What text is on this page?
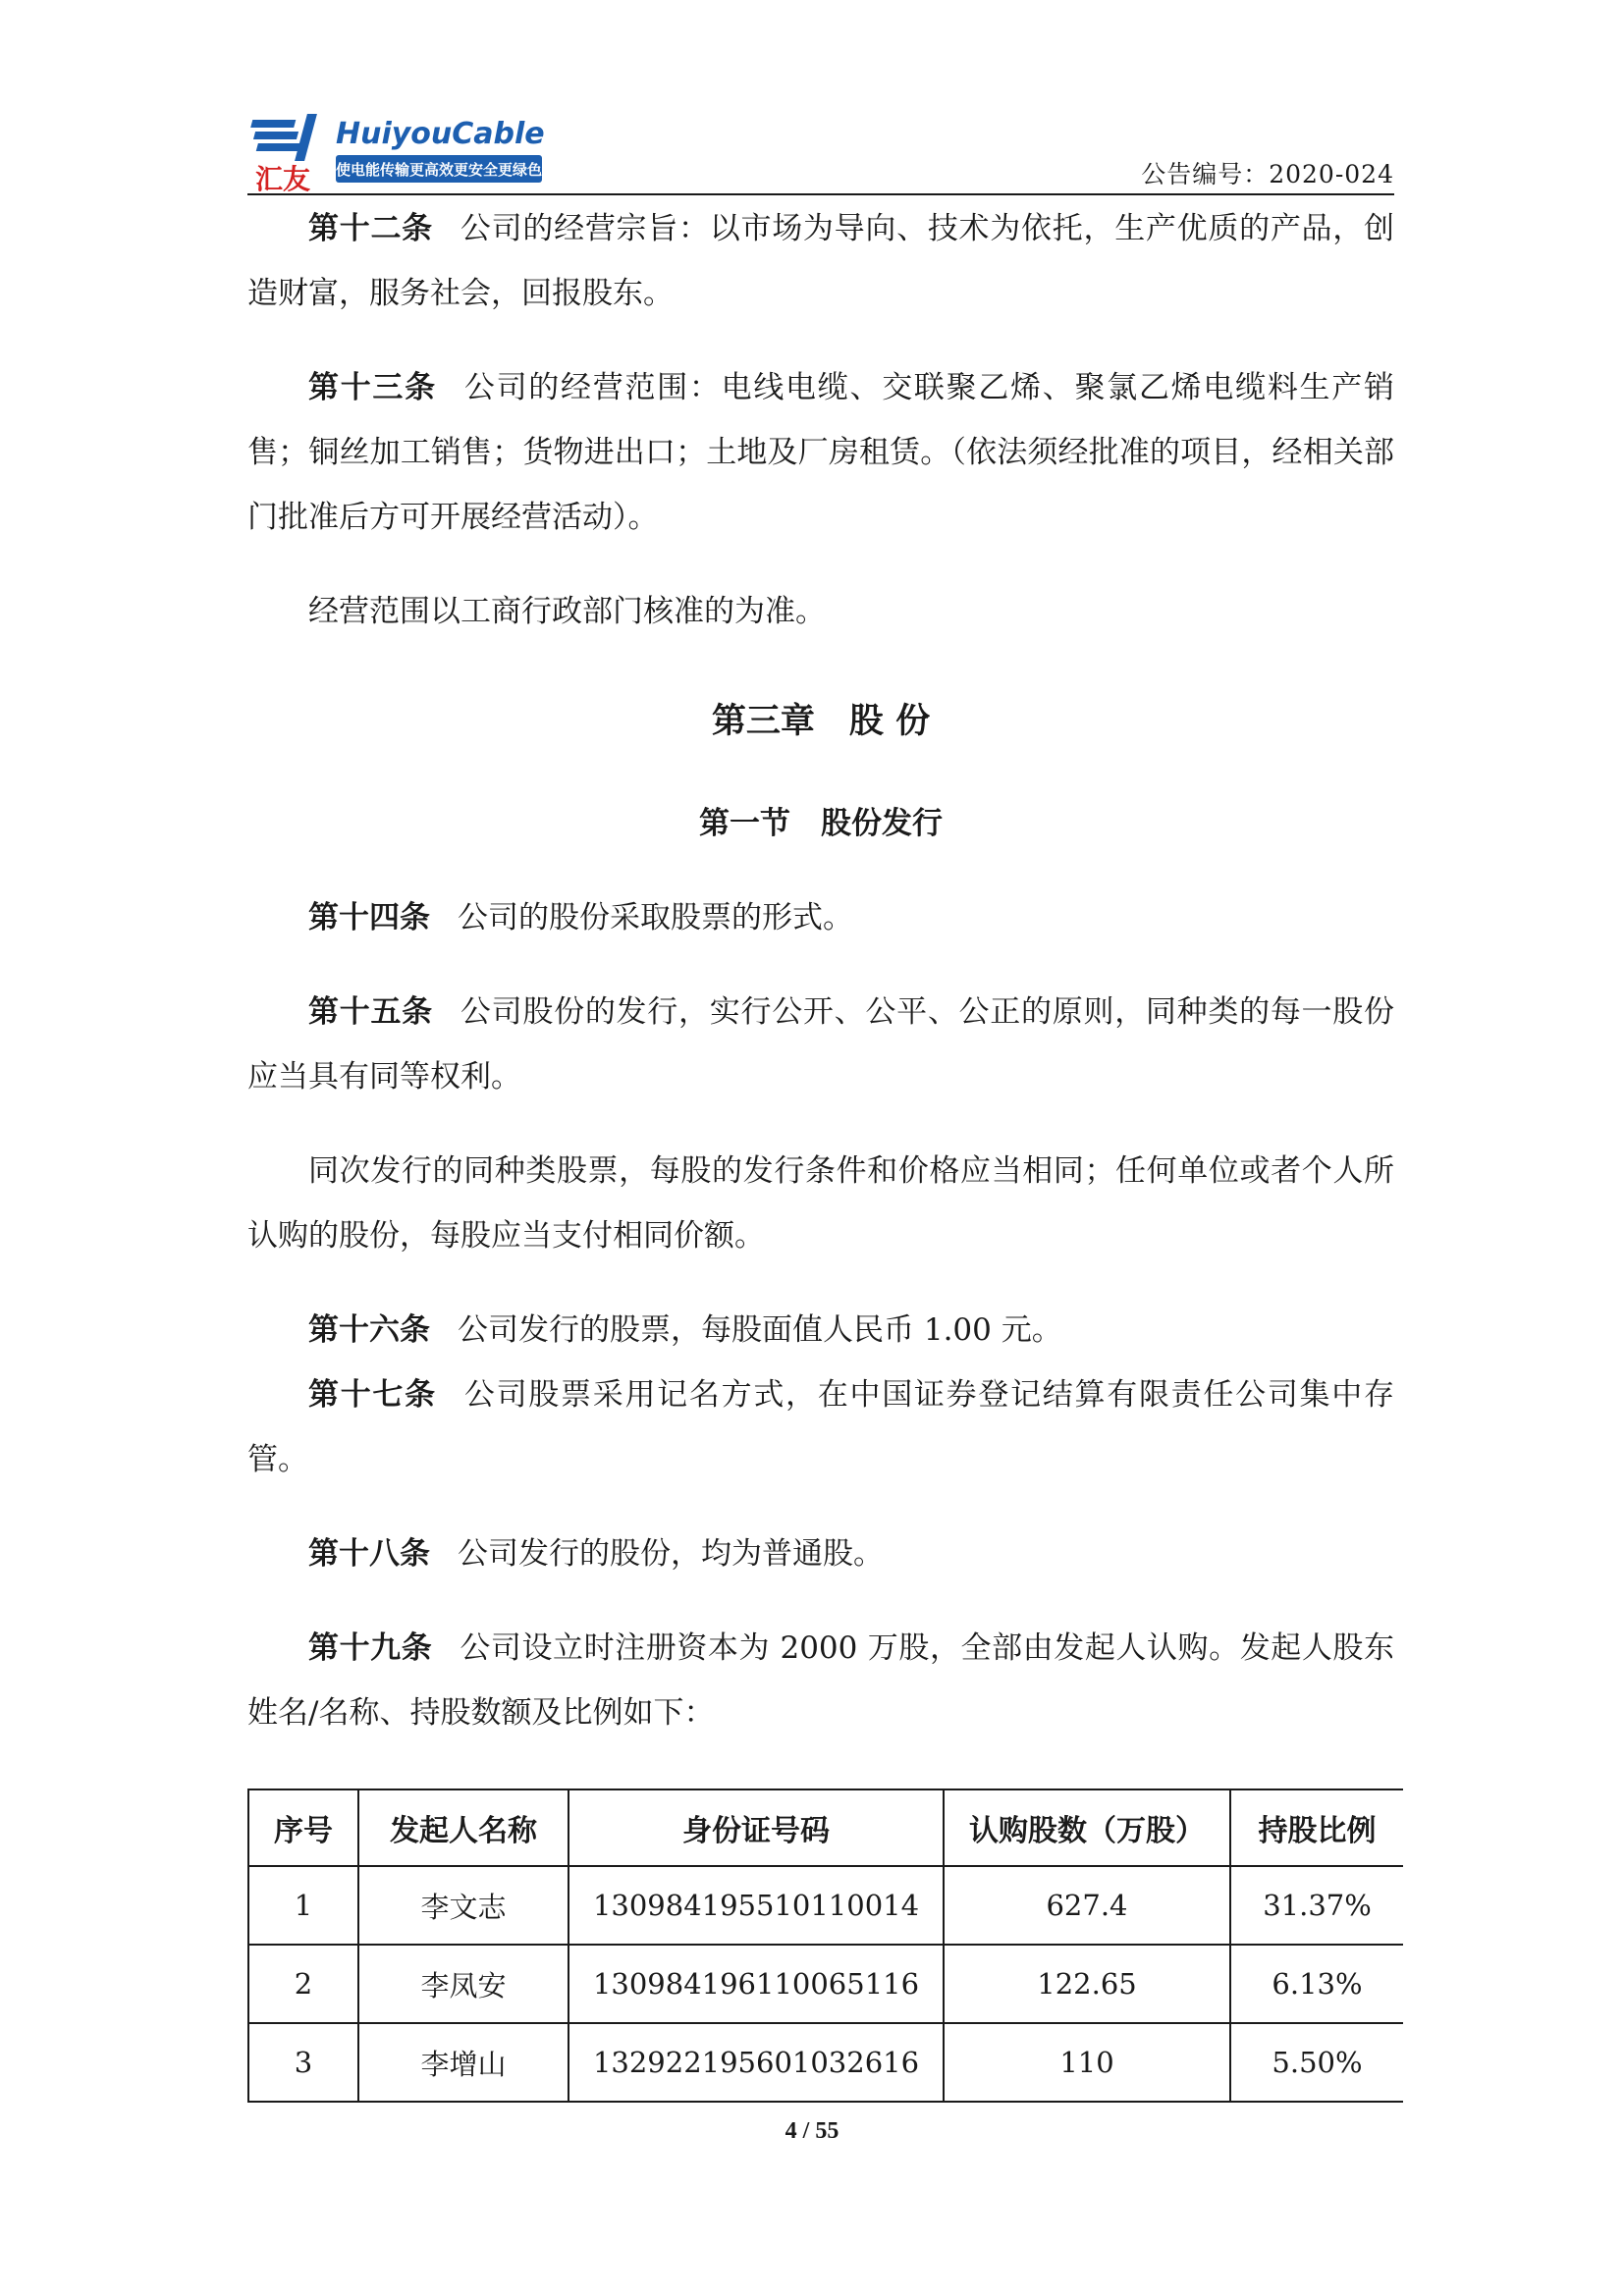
汇友
HuiyouCable
使电能传输更高效更安全更绿色	公告编号：2020-024

第十二条 公司的经营宗旨：以市场为导向、技术为依托，生产优质的产品，创造财富，服务社会，回报股东。

第十三条 公司的经营范围：电线电缆、交联聚乙烯、聚氯乙烯电缆料生产销售；铜丝加工销售；货物进出口；土地及厂房租赁。（依法须经批准的项目，经相关部门批准后方可开展经营活动）。

经营范围以工商行政部门核准的为准。

第三章　股 份
第一节　股份发行

第十四条 公司的股份采取股票的形式。

第十五条 公司股份的发行，实行公开、公平、公正的原则，同种类的每一股份应当具有同等权利。

同次发行的同种类股票，每股的发行条件和价格应当相同；任何单位或者个人所认购的股份，每股应当支付相同价额。

第十六条 公司发行的股票，每股面值人民币 1.00 元。

第十七条 公司股票采用记名方式，在中国证券登记结算有限责任公司集中存管。

第十八条 公司发行的股份，均为普通股。

第十九条 公司设立时注册资本为 2000 万股，全部由发起人认购。发起人股东姓名/名称、持股数额及比例如下：

序号	发起人名称	身份证号码	认购股数（万股）	持股比例
1	李文志	130984195510110014	627.4	31.37%
2	李凤安	130984196110065116	122.65	6.13%
3	李增山	132922195601032616	110	5.50%
4 / 55
